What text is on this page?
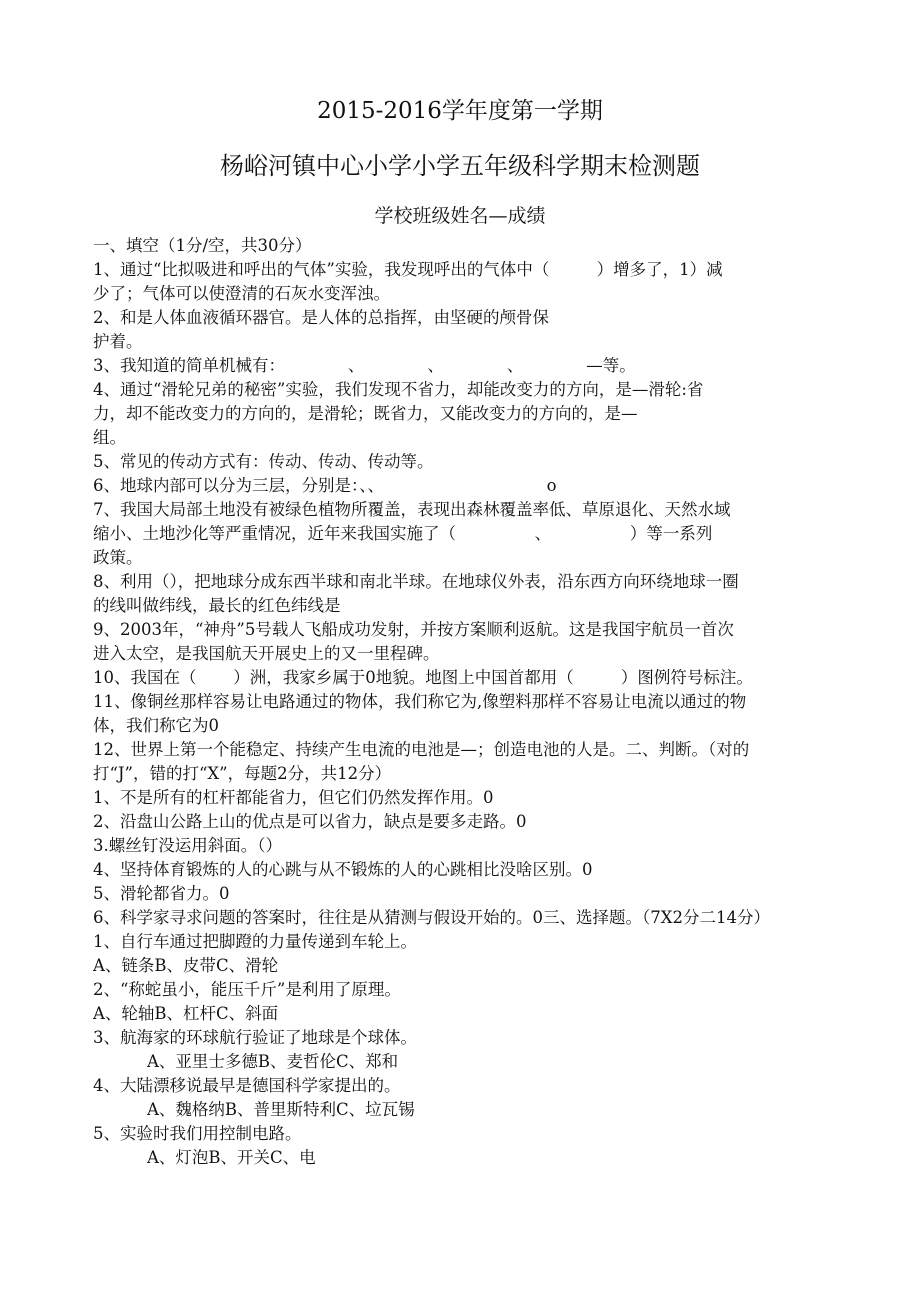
2015-2016学年度第一学期
杨峪河镇中心小学小学五年级科学期末检测题
学校班级姓名—成绩
一、填空（1分/空，共30分）
1、通过“比拟吸进和呼出的气体”实验，我发现呼出的气体中（         ）增多了，1）减
少了；气体可以使澄清的石灰水变浑浊。
2、和是人体血液循环器官。是人体的总指挥，由坚硬的颅骨保
护着。
3、我知道的简单机械有：            、            、            、            —等。
4、通过“滑轮兄弟的秘密”实验，我们发现不省力，却能改变力的方向，是—滑轮:省
力，却不能改变力的方向的，是滑轮；既省力，又能改变力的方向的，是—
组。
5、常见的传动方式有：传动、传动、传动等。
6、地球内部可以分为三层，分别是：、、                               o
7、我国大局部土地没有被绿色植物所覆盖，表现出森林覆盖率低、草原退化、天然水域
缩小、土地沙化等严重情况，近年来我国实施了（               、               ）等一系列
政策。
8、利用（），把地球分成东西半球和南北半球。在地球仪外表，沿东西方向环绕地球一圈
的线叫做纬线，最长的红色纬线是
9、2003年，“神舟”5号载人飞船成功发射，并按方案顺利返航。这是我国宇航员一首次
进入太空，是我国航天开展史上的又一里程碑。
10、我国在（       ）洲，我家乡属于0地貌。地图上中国首都用（         ）图例符号标注。
11、像铜丝那样容易让电路通过的物体，我们称它为,像塑料那样不容易让电流以通过的物
体，我们称它为0
12、世界上第一个能稳定、持续产生电流的电池是—；创造电池的人是。二、判断。（对的
打“J”，错的打“X”，每题2分，共12分）
1、不是所有的杠杆都能省力，但它们仍然发挥作用。0
2、沿盘山公路上山的优点是可以省力，缺点是要多走路。0
3.螺丝钉没运用斜面。（）
4、坚持体育锻炼的人的心跳与从不锻炼的人的心跳相比没啥区别。0
5、滑轮都省力。0
6、科学家寻求问题的答案时，往往是从猜测与假设开始的。0三、选择题。（7X2分二14分）
1、自行车通过把脚蹬的力量传递到车轮上。
A、链条B、皮带C、滑轮
2、“称蛇虽小，能压千斤”是利用了原理。
A、轮轴B、杠杆C、斜面
3、航海家的环球航行验证了地球是个球体。
A、亚里士多德B、麦哲伦C、郑和
4、大陆漂移说最早是德国科学家提出的。
A、魏格纳B、普里斯特利C、垃瓦锡
5、实验时我们用控制电路。
A、灯泡B、开关C、电
